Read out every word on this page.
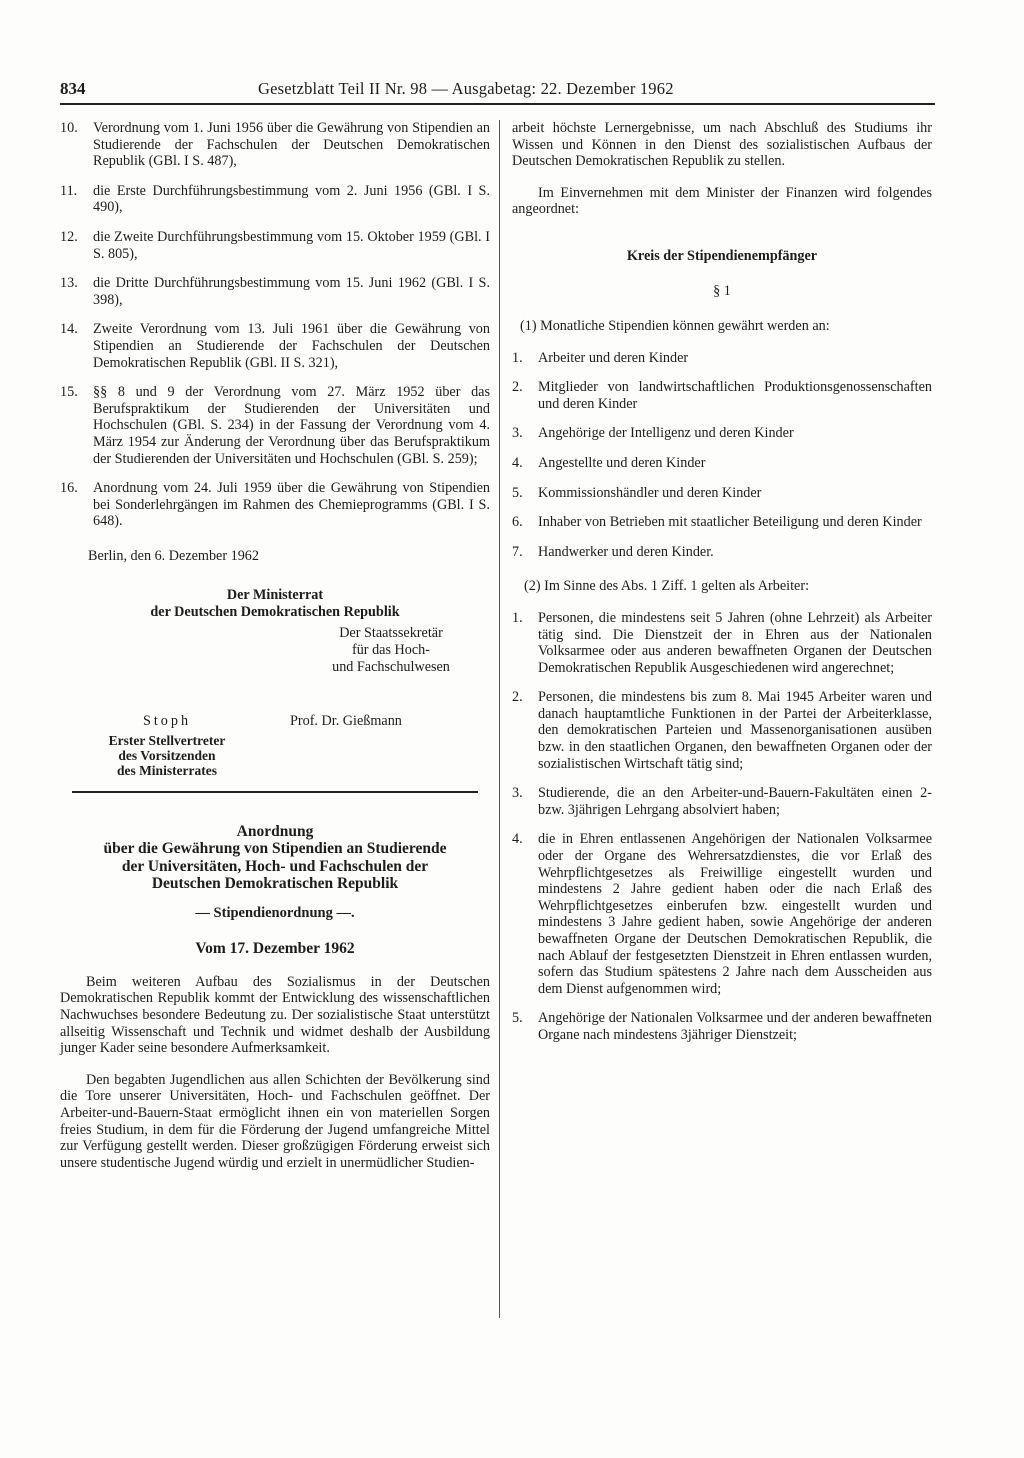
834	Gesetzblatt Teil II Nr. 98 — Ausgabetag: 22. Dezember 1962
10. Verordnung vom 1. Juni 1956 über die Gewährung von Stipendien an Studierende der Fachschulen der Deutschen Demokratischen Republik (GBl. I S. 487),
11. die Erste Durchführungsbestimmung vom 2. Juni 1956 (GBl. I S. 490),
12. die Zweite Durchführungsbestimmung vom 15. Oktober 1959 (GBl. I S. 805),
13. die Dritte Durchführungsbestimmung vom 15. Juni 1962 (GBl. I S. 398),
14. Zweite Verordnung vom 13. Juli 1961 über die Gewährung von Stipendien an Studierende der Fachschulen der Deutschen Demokratischen Republik (GBl. II S. 321),
15. §§ 8 und 9 der Verordnung vom 27. März 1952 über das Berufspraktikum der Studierenden der Universitäten und Hochschulen (GBl. S. 234) in der Fassung der Verordnung vom 4. März 1954 zur Änderung der Verordnung über das Berufspraktikum der Studierenden der Universitäten und Hochschulen (GBl. S. 259);
16. Anordnung vom 24. Juli 1959 über die Gewährung von Stipendien bei Sonderlehrgängen im Rahmen des Chemieprogramms (GBl. I S. 648).
Berlin, den 6. Dezember 1962
Der Ministerrat
der Deutschen Demokratischen Republik
Der Staatssekretär
für das Hoch-
und Fachschulwesen
Prof. Dr. Gießmann
Stoph
Erster Stellvertreter
des Vorsitzenden
des Ministerrates
Anordnung
über die Gewährung von Stipendien an Studierende
der Universitäten, Hoch- und Fachschulen der
Deutschen Demokratischen Republik
— Stipendienordnung —.
Vom 17. Dezember 1962

Beim weiteren Aufbau des Sozialismus in der Deutschen Demokratischen Republik kommt der Entwicklung des wissenschaftlichen Nachwuchses besondere Bedeutung zu. Der sozialistische Staat unterstützt allseitig Wissenschaft und Technik und widmet deshalb der Ausbildung junger Kader seine besondere Aufmerksamkeit.

Den begabten Jugendlichen aus allen Schichten der Bevölkerung sind die Tore unserer Universitäten, Hoch- und Fachschulen geöffnet. Der Arbeiter-und-Bauern-Staat ermöglicht ihnen ein von materiellen Sorgen freies Studium, in dem für die Förderung der Jugend umfangreiche Mittel zur Verfügung gestellt werden. Dieser großzügigen Förderung erweist sich unsere studentische Jugend würdig und erzielt in unermüdlicher Studien-

arbeit höchste Lernergebnisse, um nach Abschluß des Studiums ihr Wissen und Können in den Dienst des sozialistischen Aufbaus der Deutschen Demokratischen Republik zu stellen.

Im Einvernehmen mit dem Minister der Finanzen wird folgendes angeordnet:

Kreis der Stipendienempfänger
§ 1

(1) Monatliche Stipendien können gewährt werden an:

1. Arbeiter und deren Kinder
2. Mitglieder von landwirtschaftlichen Produktionsgenossenschaften und deren Kinder
3. Angehörige der Intelligenz und deren Kinder
4. Angestellte und deren Kinder
5. Kommissionshändler und deren Kinder
6. Inhaber von Betrieben mit staatlicher Beteiligung und deren Kinder
7. Handwerker und deren Kinder.

(2) Im Sinne des Abs. 1 Ziff. 1 gelten als Arbeiter:

1. Personen, die mindestens seit 5 Jahren (ohne Lehrzeit) als Arbeiter tätig sind. Die Dienstzeit der in Ehren aus der Nationalen Volksarmee oder aus anderen bewaffneten Organen der Deutschen Demokratischen Republik Ausgeschiedenen wird angerechnet;
2. Personen, die mindestens bis zum 8. Mai 1945 Arbeiter waren und danach hauptamtliche Funktionen in der Partei der Arbeiterklasse, den demokratischen Parteien und Massenorganisationen ausüben bzw. in den staatlichen Organen, den bewaffneten Organen oder der sozialistischen Wirtschaft tätig sind;
3. Studierende, die an den Arbeiter-und-Bauern-Fakultäten einen 2- bzw. 3jährigen Lehrgang absolviert haben;
4. die in Ehren entlassenen Angehörigen der Nationalen Volksarmee oder der Organe des Wehrersatzdienstes, die vor Erlaß des Wehrpflichtgesetzes als Freiwillige eingestellt wurden und mindestens 2 Jahre gedient haben oder die nach Erlaß des Wehrpflichtgesetzes einberufen bzw. eingestellt wurden und mindestens 3 Jahre gedient haben, sowie Angehörige der anderen bewaffneten Organe der Deutschen Demokratischen Republik, die nach Ablauf der festgesetzten Dienstzeit in Ehren entlassen wurden, sofern das Studium spätestens 2 Jahre nach dem Ausscheiden aus dem Dienst aufgenommen wird;
5. Angehörige der Nationalen Volksarmee und der anderen bewaffneten Organe nach mindestens 3jähriger Dienstzeit;
